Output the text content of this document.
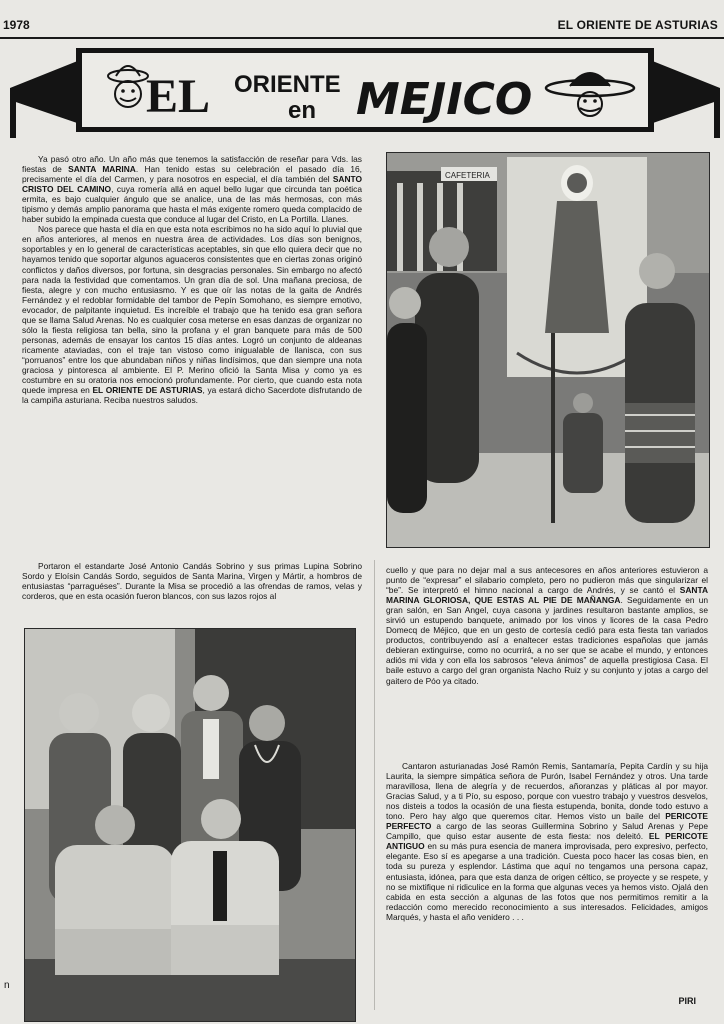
1978	EL ORIENTE DE ASTURIAS
EL ORIENTE
en MEJICO

Ya pasó otro año. Un año más que tenemos la satisfacción de reseñar para Vds. las fiestas de SANTA MARINA. Han tenido estas su celebración el pasado día 16, precisamente el día del Carmen, y para nosotros en especial, el día también del SANTO CRISTO DEL CAMINO, cuya romería allá en aquel bello lugar que circunda tan poética ermita, es bajo cualquier ángulo que se analice, una de las más hermosas, con más tipismo y demás amplio panorama que hasta el más exigente romero queda complacido de haber subido la empinada cuesta que conduce al lugar del Cristo, en La Portilla. Llanes.

Nos parece que hasta el día en que esta nota escribimos no ha sido aquí lo pluvial que en años anteriores, al menos en nuestra área de actividades. Los días son benignos, soportables y en lo general de características aceptables, sin que ello quiera decir que no hayamos tenido que soportar algunos aguaceros consistentes que en ciertas zonas originó conflictos y daños diversos, por fortuna, sin desgracias personales. Sin embargo no afectó para nada la festividad que comentamos. Un gran día de sol. Una mañana preciosa, de fiesta, alegre y con mucho entusiasmo. Y es que oír las notas de la gaita de Andrés Fernández y el redoblar formidable del tambor de Pepín Somohano, es siempre emotivo, evocador, de palpitante inquietud. Es increíble el trabajo que ha tenido esa gran señora que se llama Salud Arenas. No es cualquier cosa meterse en esas danzas de organizar no sólo la fiesta religiosa tan bella, sino la profana y el gran banquete para más de 500 personas, además de ensayar los cantos 15 días antes. Logró un conjunto de aldeanas ricamente ataviadas, con el traje tan vistoso como inigualable de llanisca, con sus “porruanos” entre los que abundaban niños y niñas lindísimos, que dan siempre una nota graciosa y pintoresca al ambiente. El P. Merino ofició la Santa Misa y como ya es costumbre en su oratoria nos emocionó profundamente. Por cierto, que cuando esta nota quede impresa en EL ORIENTE DE ASTURIAS, ya estará dicho Sacerdote disfrutando de la campiña asturiana. Reciba nuestros saludos.

Portaron el estandarte José Antonio Candás Sobrino y sus primas Lupina Sobrino Sordo y Eloísin Candás Sordo, seguidos de Santa Marina, Virgen y Mártir, a hombros de entusiastas “parraguéses”. Durante la Misa se procedió a las ofrendas de ramos, velas y corderos, que en esta ocasión fueron blancos, con sus lazos rojos al

CAFETERIA

cuello y que para no dejar mal a sus antecesores en años anteriores estuvieron a punto de “expresar” el silabario completo, pero no pudieron más que singularizar el “be”. Se interpretó el himno nacional a cargo de Andrés, y se cantó el SANTA MARINA GLORIOSA, QUE ESTAS AL PIE DE MAÑANGA. Seguidamente en un gran salón, en San Angel, cuya casona y jardines resultaron bastante amplios, se sirvió un estupendo banquete, animado por los vinos y licores de la casa Pedro Domecq de Méjico, que en un gesto de cortesía cedió para esta fiesta tan variados productos, contribuyendo así a enaltecer estas tradiciones españolas que jamás debieran extinguirse, como no ocurrirá, a no ser que se acabe el mundo, y entonces adiós mi vida y con ella los sabrosos “eleva ánimos” de aquella prestigiosa Casa. El baile estuvo a cargo del gran organista Nacho Ruiz y su conjunto y jotas a cargo del gaitero de Póo ya citado.

Cantaron asturianadas José Ramón Remis, Santamaría, Pepita Cardín y su hija Laurita, la siempre simpática señora de Purón, Isabel Fernández y otros. Una tarde maravillosa, llena de alegría y de recuerdos, añoranzas y pláticas al por mayor. Gracias Salud, y a ti Pío, su esposo, porque con vuestro trabajo y vuestros desvelos, nos disteis a todos la ocasión de una fiesta estupenda, bonita, donde todo estuvo a tono. Pero hay algo que queremos citar. Hemos visto un baile del PERICOTE PERFECTO a cargo de las seoras Guillermina Sobrino y Salud Arenas y Pepe Campillo, que quiso estar ausente de esta fiesta: nos deleitó. EL PERICOTE ANTIGUO en su más pura esencia de manera improvisada, pero expresivo, perfecto, elegante. Eso sí es apegarse a una tradición. Cuesta poco hacer las cosas bien, en toda su pureza y esplendor. Lástima que aquí no tengamos una persona capaz, entusiasta, idónea, para que esta danza de origen céltico, se proyecte y se respete, y no se mixtifique ni ridiculice en la forma que algunas veces ya hemos visto. Ojalá den cabida en esta sección a algunas de las fotos que nos permitimos remitir a la redacción como merecido reconocimiento a sus interesados. Felicidades, amigos Marqués, y hasta el año venidero . . .

n
PIRI
